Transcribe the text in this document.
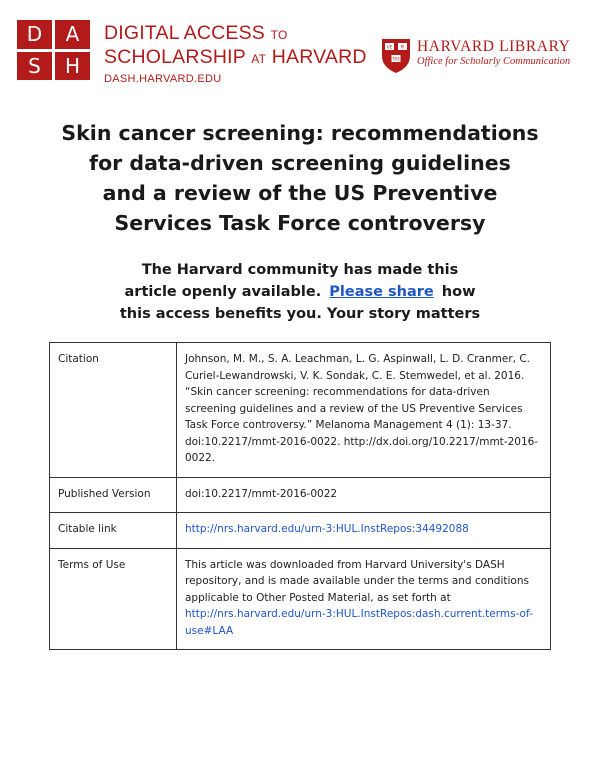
D	A
S	H
DIGITAL ACCESS TO
SCHOLARSHIP AT HARVARD
DASH.HARVARD.EDU
VE RI
TAS
HARVARD LIBRARY
Office for Scholarly Communication
Skin cancer screening: recommendations
for data-driven screening guidelines
and a review of the US Preventive
Services Task Force controversy
The Harvard community has made this
article openly available. Please share how
this access benefits you. Your story matters
Citation	Johnson, M. M., S. A. Leachman, L. G. Aspinwall, L. D. Cranmer, C. Curiel-Lewandrowski, V. K. Sondak, C. E. Stemwedel, et al. 2016. “Skin cancer screening: recommendations for data-driven screening guidelines and a review of the US Preventive Services Task Force controversy.” Melanoma Management 4 (1): 13-37. doi:10.2217/mmt-2016-0022. http://dx.doi.org/10.2217/mmt-2016-0022.
Published Version	doi:10.2217/mmt-2016-0022
Citable link	http://nrs.harvard.edu/urn-3:HUL.InstRepos:34492088
Terms of Use	This article was downloaded from Harvard University's DASH repository, and is made available under the terms and conditions applicable to Other Posted Material, as set forth at http://nrs.harvard.edu/urn-3:HUL.InstRepos:dash.current.terms-of-use#LAA
